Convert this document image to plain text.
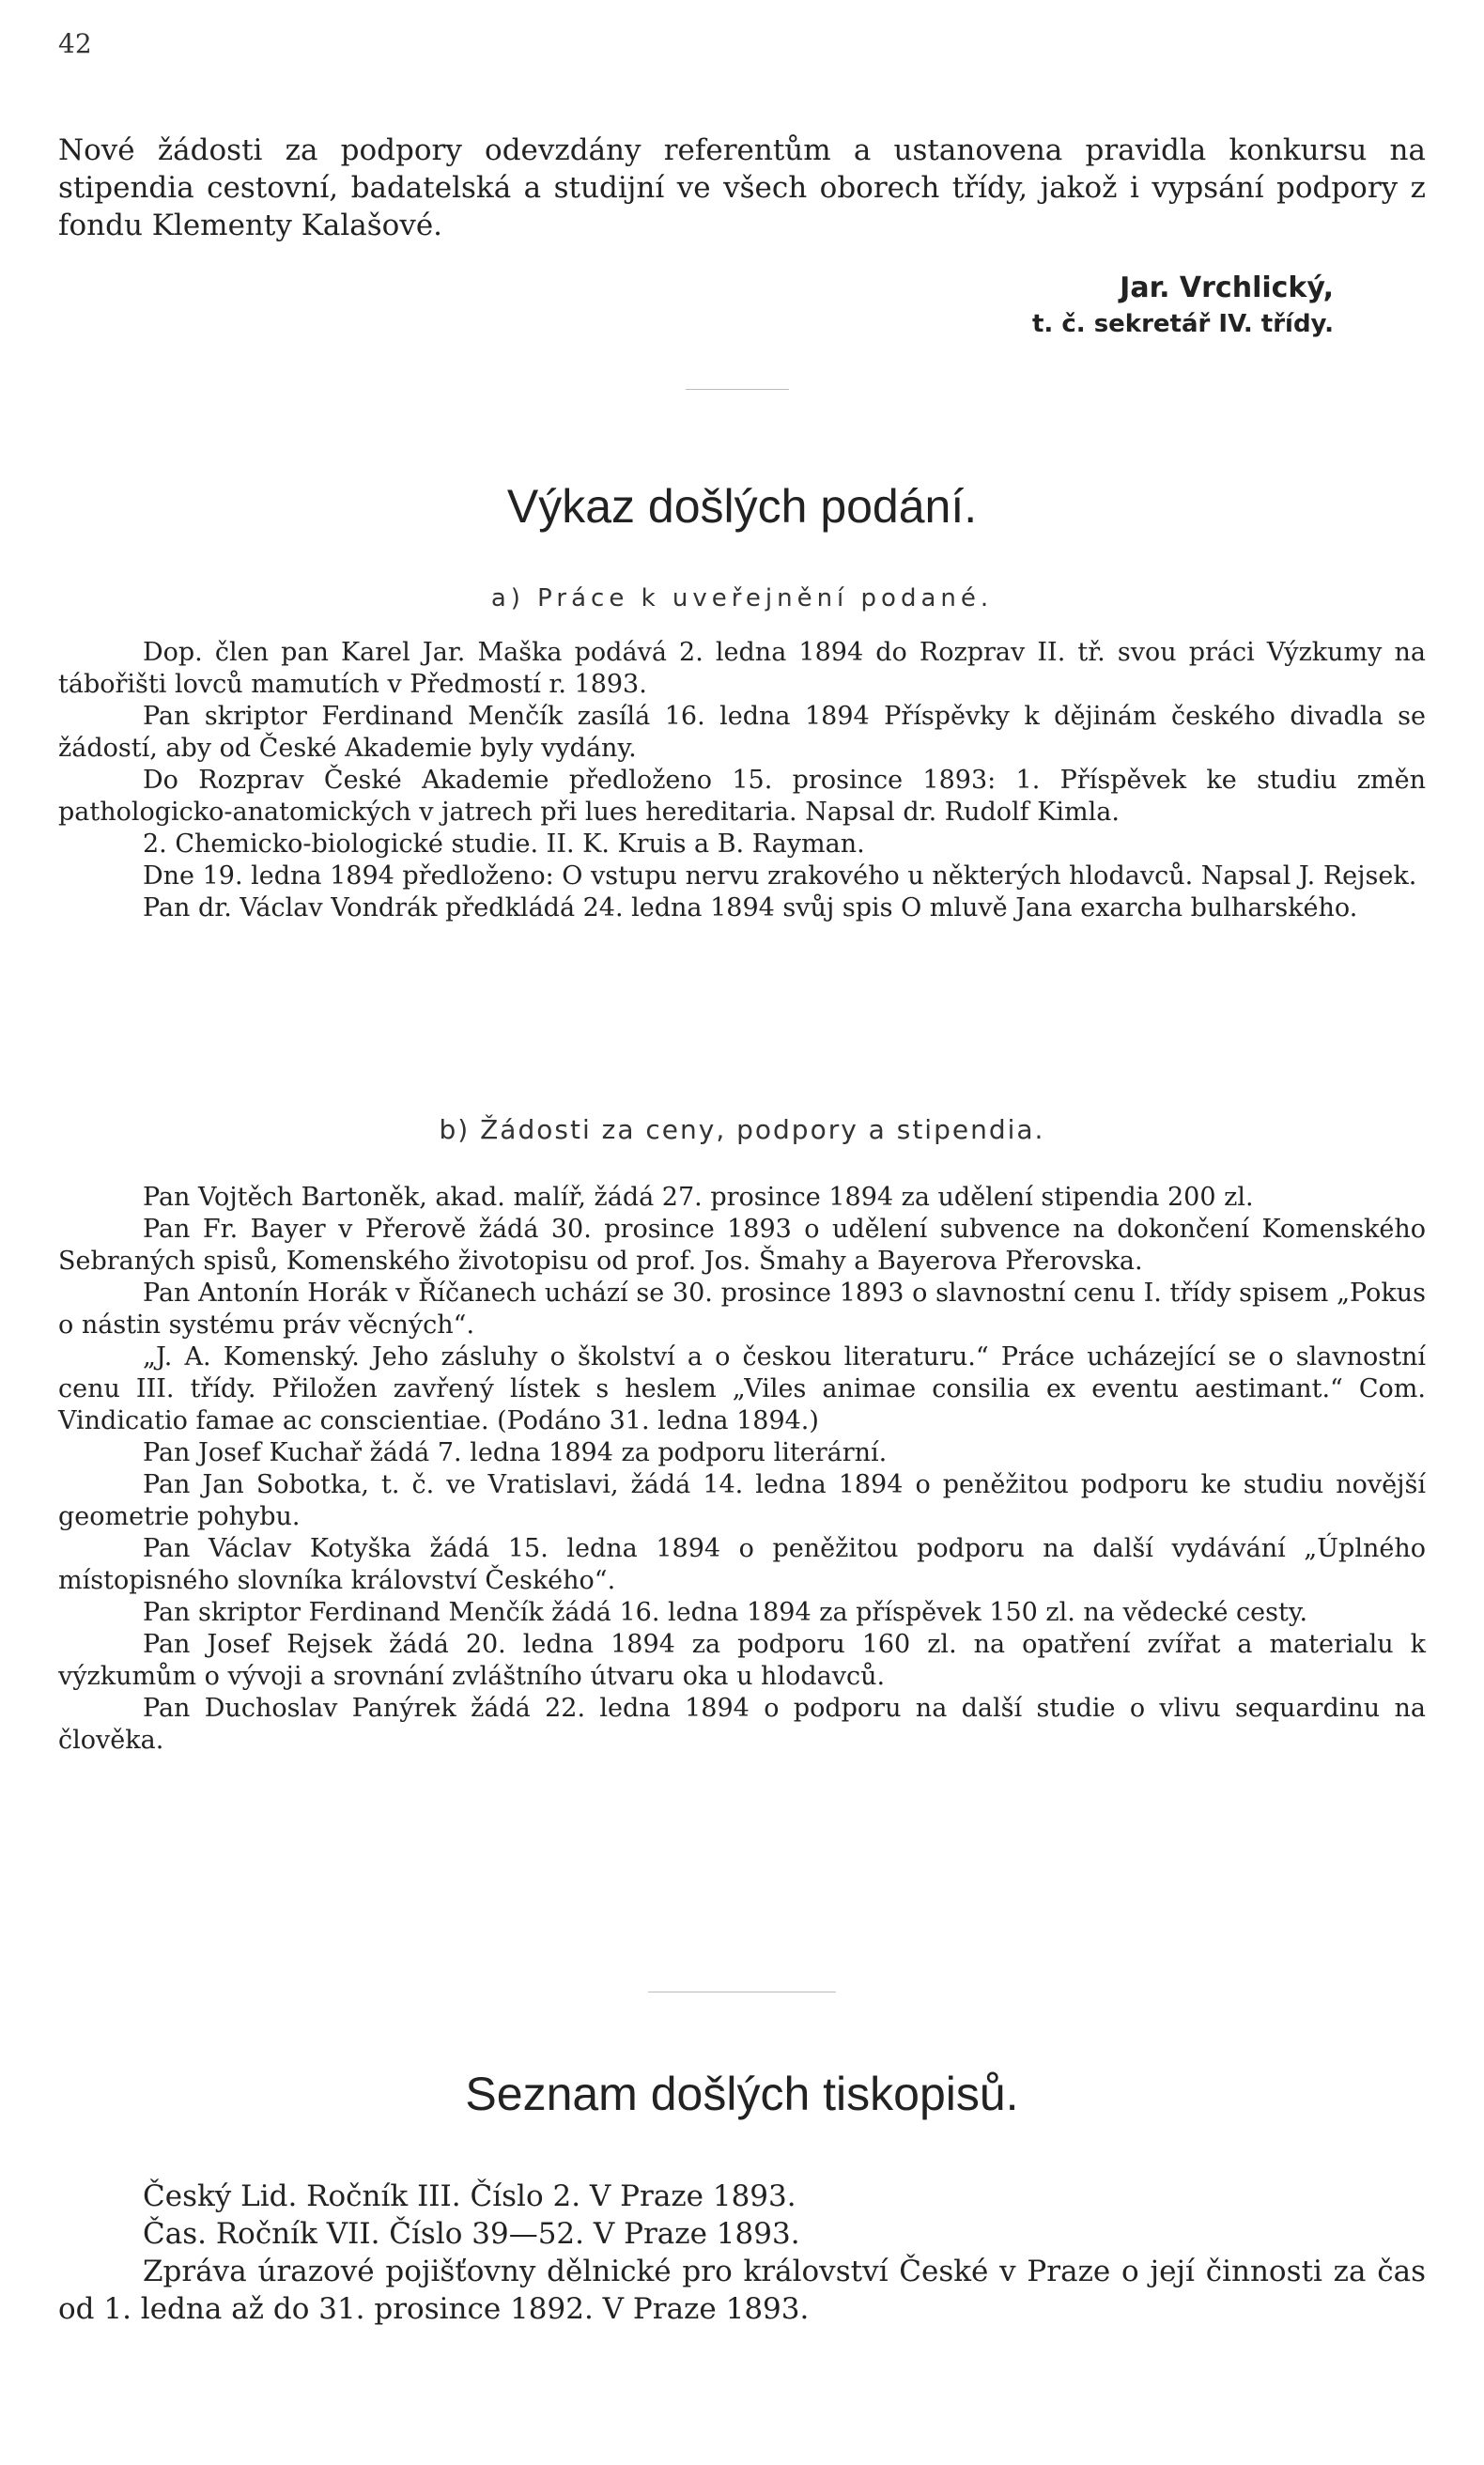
42

Nové žádosti za podpory odevzdány referentům a ustanovena pravidla konkursu na stipendia cestovní, badatelská a studijní ve všech oborech třídy, jakož i vypsání podpory z fondu Klementy Kalašové.

Jar. Vrchlický,
t. č. sekretář IV. třídy.
Výkaz došlých podání.
a) Práce k uveřejnění podané.

Dop. člen pan Karel Jar. Maška podává 2. ledna 1894 do Rozprav II. tř. svou práci Výzkumy na tábořišti lovců mamutích v Předmostí r. 1893.

Pan skriptor Ferdinand Menčík zasílá 16. ledna 1894 Příspěvky k dějinám českého divadla se žádostí, aby od České Akademie byly vydány.

Do Rozprav České Akademie předloženo 15. prosince 1893: 1. Příspěvek ke studiu změn pathologicko-anatomických v jatrech při lues hereditaria. Napsal dr. Rudolf Kimla.

2. Chemicko-biologické studie. II. K. Kruis a B. Rayman.

Dne 19. ledna 1894 předloženo: O vstupu nervu zrakového u některých hlodavců. Napsal J. Rejsek.

Pan dr. Václav Vondrák předkládá 24. ledna 1894 svůj spis O mluvě Jana exarcha bulharského.

b) Žádosti za ceny, podpory a stipendia.

Pan Vojtěch Bartoněk, akad. malíř, žádá 27. prosince 1894 za udělení stipendia 200 zl.

Pan Fr. Bayer v Přerově žádá 30. prosince 1893 o udělení subvence na dokončení Komenského Sebraných spisů, Komenského životopisu od prof. Jos. Šmahy a Bayerova Přerovska.

Pan Antonín Horák v Říčanech uchází se 30. prosince 1893 o slavnostní cenu I. třídy spisem „Pokus o nástin systému práv věcných“.

„J. A. Komenský. Jeho zásluhy o školství a o českou literaturu.“ Práce ucházející se o slavnostní cenu III. třídy. Přiložen zavřený lístek s heslem „Viles animae consilia ex eventu aestimant.“ Com. Vindicatio famae ac conscientiae. (Podáno 31. ledna 1894.)

Pan Josef Kuchař žádá 7. ledna 1894 za podporu literární.

Pan Jan Sobotka, t. č. ve Vratislavi, žádá 14. ledna 1894 o peněžitou podporu ke studiu novější geometrie pohybu.

Pan Václav Kotyška žádá 15. ledna 1894 o peněžitou podporu na další vydávání „Úplného místopisného slovníka království Českého“.

Pan skriptor Ferdinand Menčík žádá 16. ledna 1894 za příspěvek 150 zl. na vědecké cesty.

Pan Josef Rejsek žádá 20. ledna 1894 za podporu 160 zl. na opatření zvířat a materialu k výzkumům o vývoji a srovnání zvláštního útvaru oka u hlodavců.

Pan Duchoslav Panýrek žádá 22. ledna 1894 o podporu na další studie o vlivu sequardinu na člověka.

Seznam došlých tiskopisů.

Český Lid. Ročník III. Číslo 2. V Praze 1893.

Čas. Ročník VII. Číslo 39—52. V Praze 1893.

Zpráva úrazové pojišťovny dělnické pro království České v Praze o její činnosti za čas od 1. ledna až do 31. prosince 1892. V Praze 1893.
